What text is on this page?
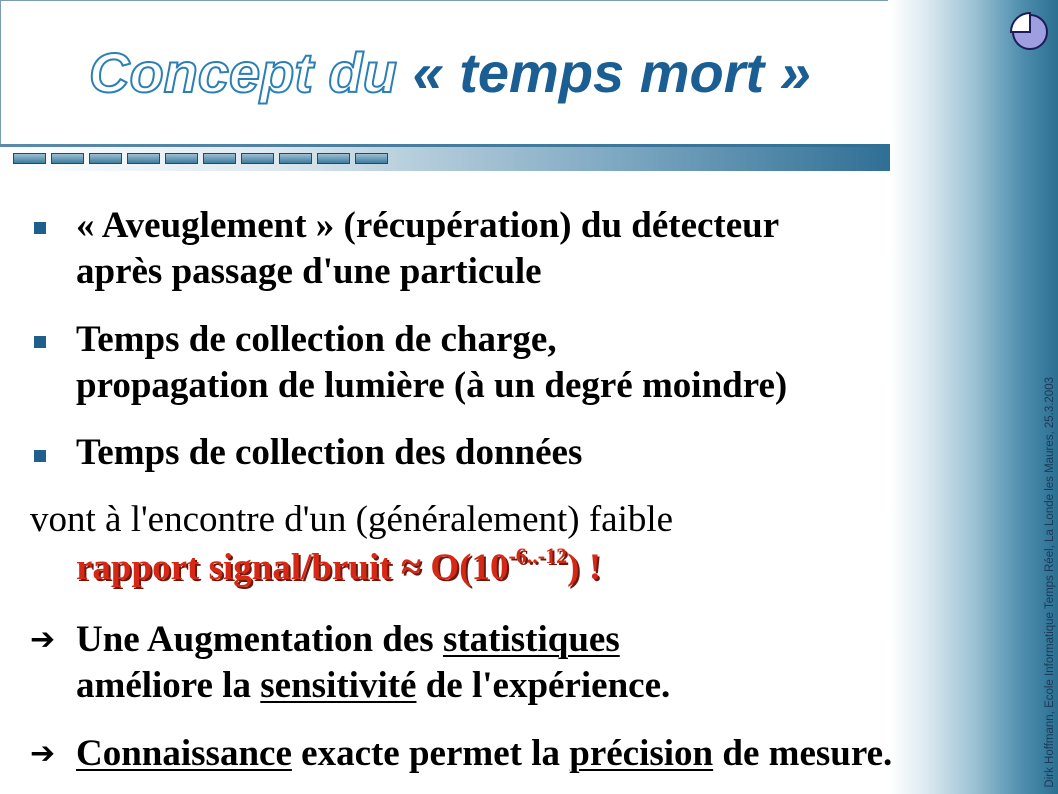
Dirk Hoffmann, Ecole Informatique Temps Réel, La Londe les Maures, 25.3.2003
Concept du « temps mort »
« Aveuglement » (récupération) du détecteur
après passage d'une particule
Temps de collection de charge,
propagation de lumière (à un degré moindre)
Temps de collection des données
vont à l'encontre d'un (généralement) faible
rapport signal/bruit ≈ $O(10^{-6..-12})$ !
➔ Une Augmentation des statistiques
améliore la sensitivité de l'expérience.
➔ Connaissance exacte permet la précision de mesure.
